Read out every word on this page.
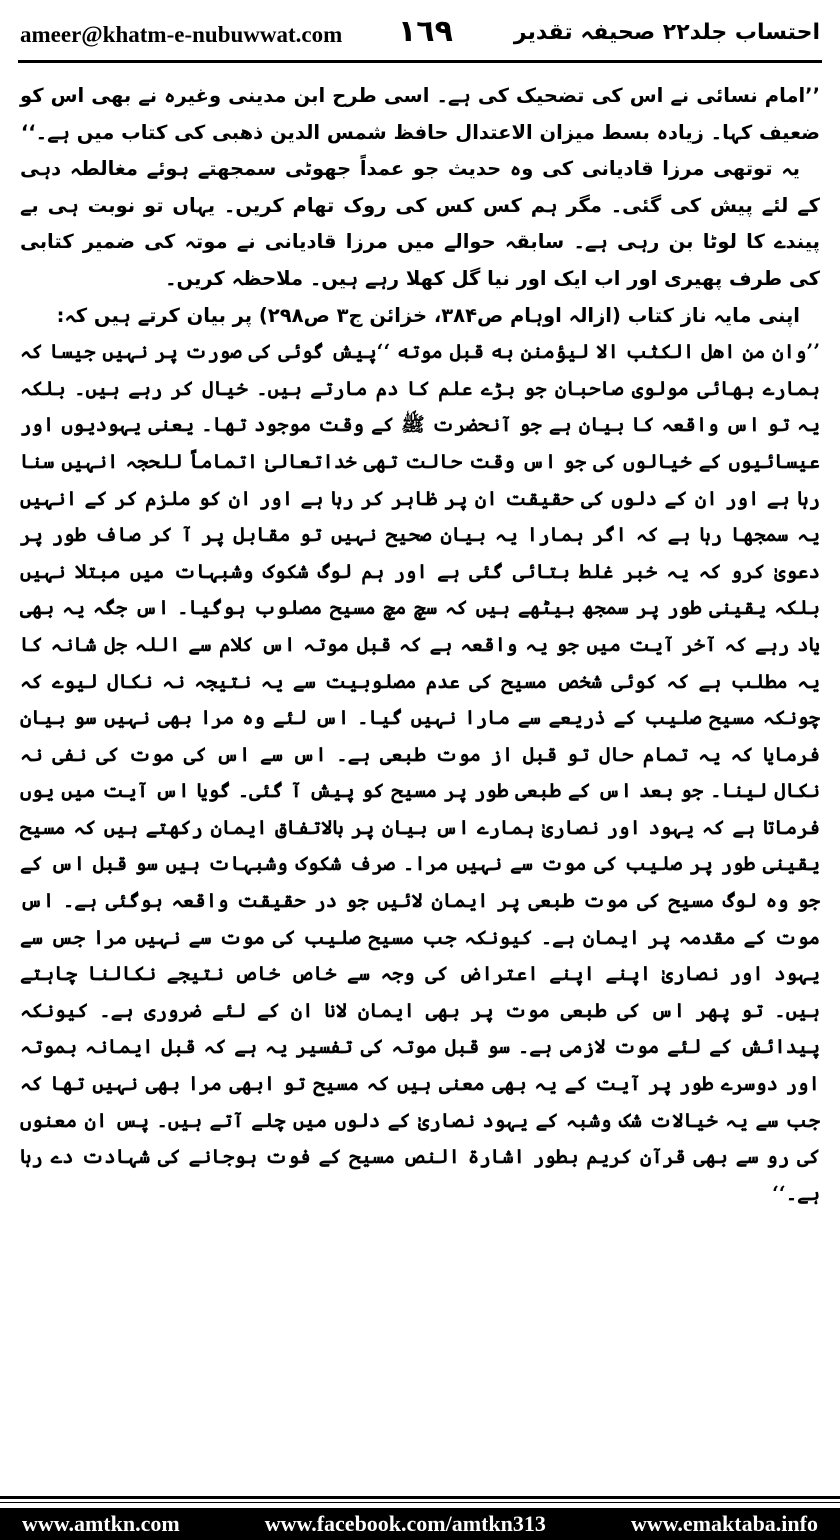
ameer@khatm-e-nubuwwat.com ١٦٩	احتساب جلد۲۲ صحیفہ تقدیر

’’امام نسائی نے اس کی تضحیک کی ہے۔ اسی طرح ابن مدینی وغیرہ نے بھی اس کو ضعیف کہا۔ زیادہ بسط میزان الاعتدال حافظ شمس الدین ذھبی کی کتاب میں ہے۔‘‘

یہ توتھی مرزا قادیانی کی وہ حدیث جو عمداً جھوٹی سمجھتے ہوئے مغالطہ دہی کے لئے پیش کی گئی۔ مگر ہم کس کس کی روک تھام کریں۔ یہاں تو نوبت ہی بے پیندے کا لوٹا بن رہی ہے۔ سابقہ حوالے میں مرزا قادیانی نے موتہ کی ضمیر کتابی کی طرف پھیری اور اب ایک اور نیا گل کھلا رہے ہیں۔ ملاحظہ کریں۔

اپنی مایہ ناز کتاب (ازالہ اوہام ص۳۸۴، خزائن ج۳ ص۲۹۸) پر بیان کرتے ہیں کہ:

’’وان من اهل الكتٰب الا ليؤمنن به قبل موته ‘‘پیش گوئی کی صورت پر نہیں جیسا کہ ہمارے بھائی مولوی صاحبان جو بڑے علم کا دم مارتے ہیں۔ خیال کر رہے ہیں۔ بلکہ یہ تو اس واقعہ کا بیان ہے جو آنحضرت ﷺ کے وقت موجود تھا۔ یعنی یہودیوں اور عیسائیوں کے خیالوں کی جو اس وقت حالت تھی خداتعالیٰ اتماماً للحجہ انہیں سنا رہا ہے اور ان کے دلوں کی حقیقت ان پر ظاہر کر رہا ہے اور ان کو ملزم کر کے انہیں یہ سمجھا رہا ہے کہ اگر ہمارا یہ بیان صحیح نہیں تو مقابل پر آ کر صاف طور پر دعویٰ کرو کہ یہ خبر غلط بتائی گئی ہے اور ہم لوگ شکوک وشبہات میں مبتلا نہیں بلکہ یقینی طور پر سمجھ بیٹھے ہیں کہ سچ مچ مسیح مصلوب ہوگیا۔ اس جگہ یہ بھی یاد رہے کہ آخر آیت میں جو یہ واقعہ ہے کہ قبل موتہ اس کلام سے اللہ جل شانہ کا یہ مطلب ہے کہ کوئی شخص مسیح کی عدم مصلوبیت سے یہ نتیجہ نہ نکال لیوے کہ چونکہ مسیح صلیب کے ذریعے سے مارا نہیں گیا۔ اس لئے وہ مرا بھی نہیں سو بیان فرمایا کہ یہ تمام حال تو قبل از موت طبعی ہے۔ اس سے اس کی موت کی نفی نہ نکال لینا۔ جو بعد اس کے طبعی طور پر مسیح کو پیش آ گئی۔ گویا اس آیت میں یوں فرماتا ہے کہ یہود اور نصاریٰ ہمارے اس بیان پر بالاتفاق ایمان رکھتے ہیں کہ مسیح یقینی طور پر صلیب کی موت سے نہیں مرا۔ صرف شکوک وشبہات ہیں سو قبل اس کے جو وہ لوگ مسیح کی موت طبعی پر ایمان لائیں جو در حقیقت واقعہ ہوگئی ہے۔ اس موت کے مقدمہ پر ایمان ہے۔ کیونکہ جب مسیح صلیب کی موت سے نہیں مرا جس سے یہود اور نصاریٰ اپنے اپنے اعتراض کی وجہ سے خاص خاص نتیجے نکالنا چاہتے ہیں۔ تو پھر اس کی طبعی موت پر بھی ایمان لانا ان کے لئے ضروری ہے۔ کیونکہ پیدائش کے لئے موت لازمی ہے۔ سو قبل موتہ کی تفسیر یہ ہے کہ قبل ایمانہ بموتہ اور دوسرے طور پر آیت کے یہ بھی معنی ہیں کہ مسیح تو ابھی مرا بھی نہیں تھا کہ جب سے یہ خیالات شک وشبہ کے یہود نصاریٰ کے دلوں میں چلے آتے ہیں۔ پس ان معنوں کی رو سے بھی قرآن کریم بطور اشارۃ النص مسیح کے فوت ہوجانے کی شہادت دے رہا ہے۔‘‘

www.amtkn.com	www.facebook.com/amtkn313	www.emaktaba.info
